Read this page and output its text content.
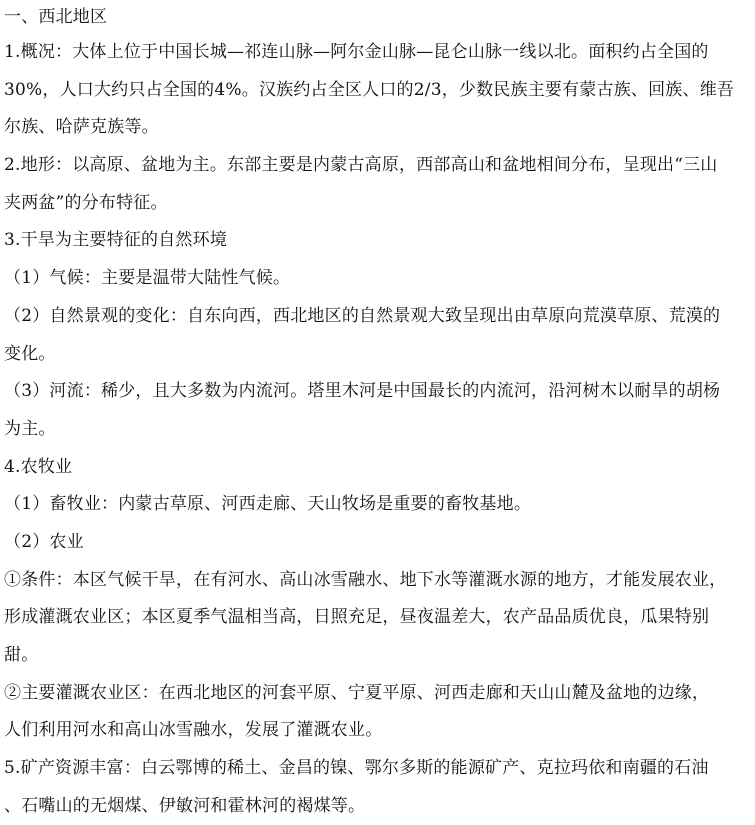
一、西北地区
1.概况：大体上位于中国长城—祁连山脉—阿尔金山脉—昆仑山脉一线以北。面积约占全国的
30%，人口大约只占全国的4%。汉族约占全区人口的2/3，少数民族主要有蒙古族、回族、维吾
尔族、哈萨克族等。
2.地形：以高原、盆地为主。东部主要是内蒙古高原，西部高山和盆地相间分布，呈现出“三山
夹两盆”的分布特征。
3.干旱为主要特征的自然环境
（1）气候：主要是温带大陆性气候。
（2）自然景观的变化：自东向西，西北地区的自然景观大致呈现出由草原向荒漠草原、荒漠的
变化。
（3）河流：稀少，且大多数为内流河。塔里木河是中国最长的内流河，沿河树木以耐旱的胡杨
为主。
4.农牧业
（1）畜牧业：内蒙古草原、河西走廊、天山牧场是重要的畜牧基地。
（2）农业
①条件：本区气候干旱，在有河水、高山冰雪融水、地下水等灌溉水源的地方，才能发展农业，
形成灌溉农业区；本区夏季气温相当高，日照充足，昼夜温差大，农产品品质优良，瓜果特别
甜。
②主要灌溉农业区：在西北地区的河套平原、宁夏平原、河西走廊和天山山麓及盆地的边缘，
人们利用河水和高山冰雪融水，发展了灌溉农业。
5.矿产资源丰富：白云鄂博的稀土、金昌的镍、鄂尔多斯的能源矿产、克拉玛依和南疆的石油
、石嘴山的无烟煤、伊敏河和霍林河的褐煤等。
